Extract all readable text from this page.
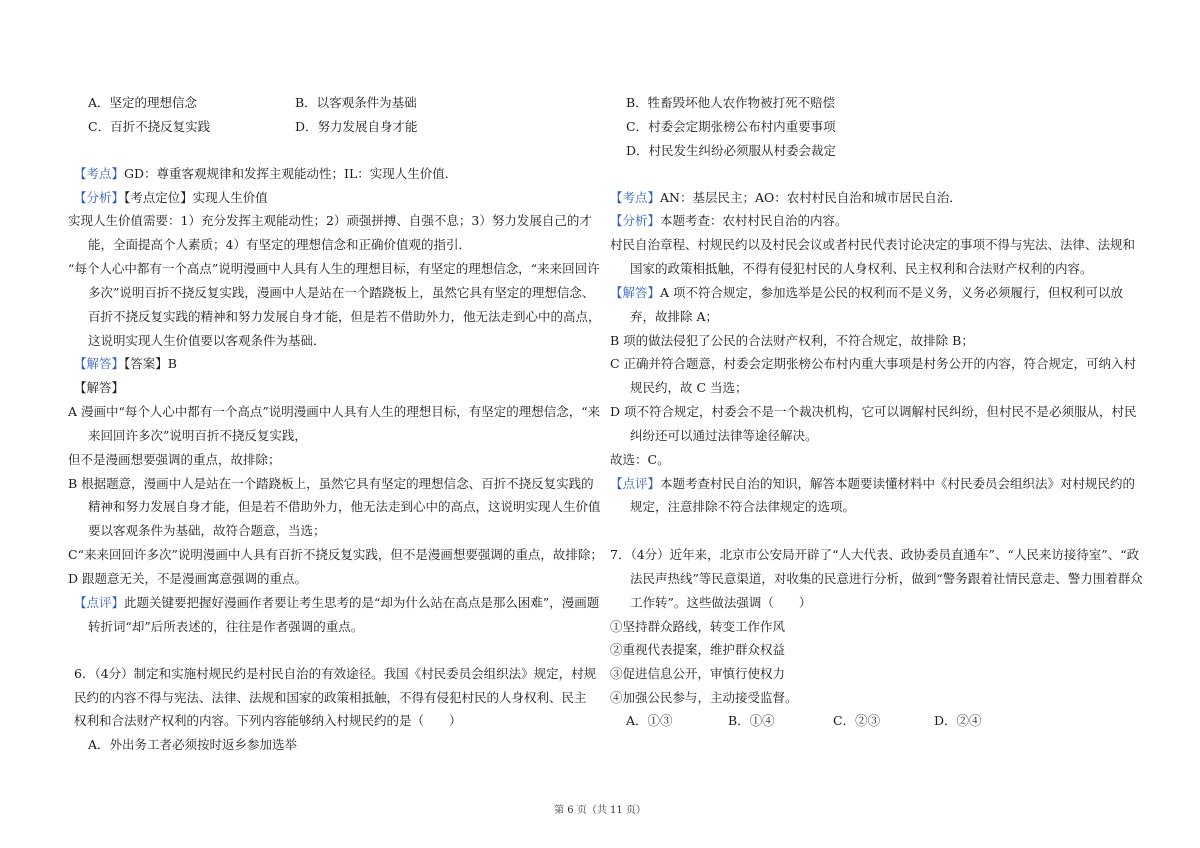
A．坚定的理想信念	B．以客观条件为基础
C．百折不挠反复实践	D．努力发展自身才能
【考点】GD：尊重客观规律和发挥主观能动性；IL：实现人生价值．
【分析】【考点定位】实现人生价值
实现人生价值需要：1）充分发挥主观能动性；2）顽强拼搏、自强不息；3）努力发展自己的才
能，全面提高个人素质；4）有坚定的理想信念和正确价值观的指引．
“每个人心中都有一个高点”说明漫画中人具有人生的理想目标，有坚定的理想信念，“来来回回许
多次”说明百折不挠反复实践，漫画中人是站在一个踏跷板上，虽然它具有坚定的理想信念、
百折不挠反复实践的精神和努力发展自身才能，但是若不借助外力，他无法走到心中的高点，
这说明实现人生价值要以客观条件为基础．
【解答】【答案】B
【解答】
A 漫画中“每个人心中都有一个高点”说明漫画中人具有人生的理想目标，有坚定的理想信念，“来
来回回许多次”说明百折不挠反复实践，
但不是漫画想要强调的重点，故排除；
B 根据题意，漫画中人是站在一个踏跷板上，虽然它具有坚定的理想信念、百折不挠反复实践的
精神和努力发展自身才能，但是若不借助外力，他无法走到心中的高点，这说明实现人生价值
要以客观条件为基础，故符合题意，当选；
C“来来回回许多次”说明漫画中人具有百折不挠反复实践，但不是漫画想要强调的重点，故排除；
D 跟题意无关，不是漫画寓意强调的重点。
【点评】此题关键要把握好漫画作者要让考生思考的是“却为什么站在高点是那么困难”，漫画题
转折词“却”后所表述的，往往是作者强调的重点。
6．（4分）制定和实施村规民约是村民自治的有效途径。我国《村民委员会组织法》规定，村规
民约的内容不得与宪法、法律、法规和国家的政策相抵触，不得有侵犯村民的人身权利、民主
权利和合法财产权利的内容。下列内容能够纳入村规民约的是（　　）
A．外出务工者必须按时返乡参加选举
B．牲畜毁坏他人农作物被打死不赔偿
C．村委会定期张榜公布村内重要事项
D．村民发生纠纷必须服从村委会裁定
【考点】AN：基层民主；AO：农村村民自治和城市居民自治．
【分析】本题考查：农村村民自治的内容。
村民自治章程、村规民约以及村民会议或者村民代表讨论决定的事项不得与宪法、法律、法规和
国家的政策相抵触，不得有侵犯村民的人身权利、民主权利和合法财产权利的内容。
【解答】A 项不符合规定，参加选举是公民的权利而不是义务，义务必须履行，但权利可以放
弃，故排除 A；
B 项的做法侵犯了公民的合法财产权利，不符合规定，故排除 B；
C 正确并符合题意，村委会定期张榜公布村内重大事项是村务公开的内容，符合规定，可纳入村
规民约，故 C 当选；
D 项不符合规定，村委会不是一个裁决机构，它可以调解村民纠纷，但村民不是必须服从，村民
纠纷还可以通过法律等途径解决。
故选：C。
【点评】本题考查村民自治的知识，解答本题要读懂材料中《村民委员会组织法》对村规民约的
规定，注意排除不符合法律规定的选项。
7．（4分）近年来，北京市公安局开辟了“人大代表、政协委员直通车”、“人民来访接待室”、“政
法民声热线”等民意渠道，对收集的民意进行分析，做到“警务跟着社情民意走、警力围着群众
工作转”。这些做法强调（　　）
①坚持群众路线，转变工作作风
②重视代表提案，维护群众权益
③促进信息公开，审慎行使权力
④加强公民参与，主动接受监督。
A．①③	B．①④	C．②③	D．②④
第 6 页（共 11 页）
